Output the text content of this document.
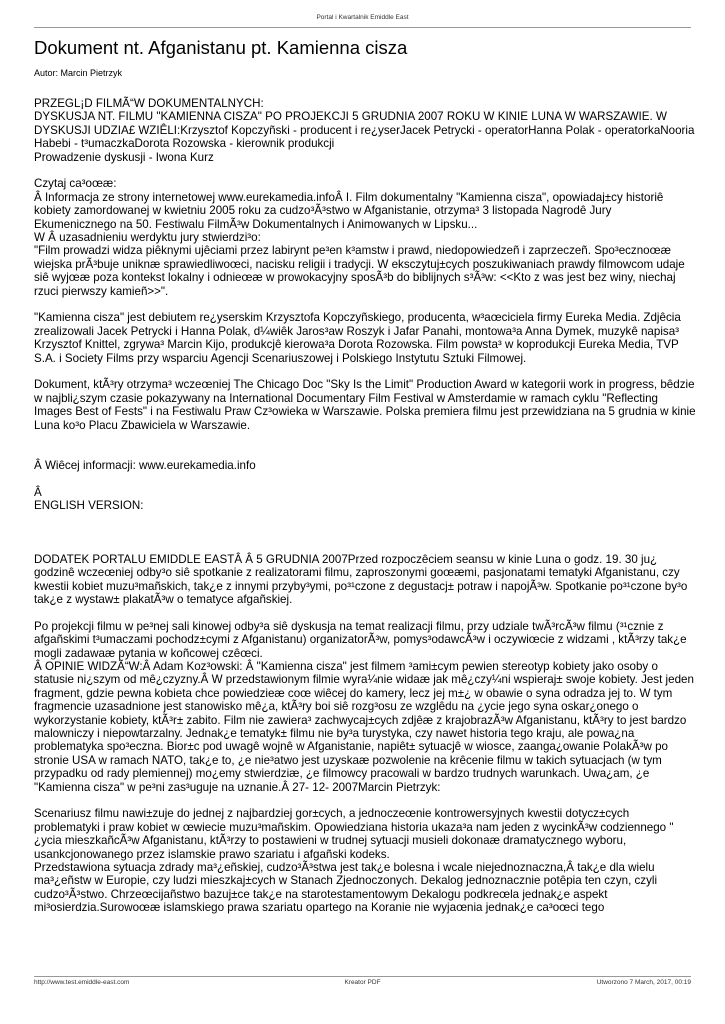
Portal i Kwartalnik Emiddle East
Dokument nt. Afganistanu pt. Kamienna cisza
Autor: Marcin Pietrzyk

PRZEGL¡D FILMÃ“W DOKUMENTALNYCH:
DYSKUSJA NT. FILMU "KAMIENNA CISZA" PO PROJEKCJI 5 GRUDNIA 2007 ROKU W KINIE LUNA W WARSZAWIE. W DYSKUSJI UDZIA£ WZIÊLI:Krzysztof Kopczyñski - producent i re¿yserJacek Petrycki - operatorHanna Polak - operatorkaNooria Habebi - t³umaczkaDorota Rozowska - kierownik produkcji
Prowadzenie dyskusji - Iwona Kurz

Czytaj ca³oœæ:
Â Informacja ze strony internetowej www.eurekamedia.infoÂ I. Film dokumentalny "Kamienna cisza", opowiadaj±cy historiê kobiety zamordowanej w kwietniu 2005 roku za cudzo³Ã³stwo w Afganistanie, otrzyma³ 3 listopada Nagrodê Jury Ekumenicznego na 50. Festiwalu FilmÃ³w Dokumentalnych i Animowanych w Lipsku...
W Â uzasadnieniu werdyktu jury stwierdzi³o:
"Film prowadzi widza piêknymi ujêciami przez labirynt pe³en k³amstw i prawd, niedopowiedzeñ i zaprzeczeñ. Spo³ecznoœæ wiejska prÃ³buje uniknæ sprawiedliwoœci, nacisku religii i tradycji. W eksczytuj±cych poszukiwaniach prawdy filmowcom udaje siê wyjœæ poza kontekst lokalny i odnieœæ w prowokacyjny sposÃ³b do biblijnych s³Ã³w: <<Kto z was jest bez winy, niechaj rzuci pierwszy kamieñ>>".

"Kamienna cisza" jest debiutem re¿yserskim Krzysztofa Kopczyñskiego, producenta, w³aœciciela firmy Eureka Media. Zdjêcia zrealizowali Jacek Petrycki i Hanna Polak, d¼wiêk Jaros³aw Roszyk i Jafar Panahi, montowa³a Anna Dymek, muzykê napisa³ Krzysztof Knittel, zgrywa³ Marcin Kijo, produkcjê kierowa³a Dorota Rozowska. Film powsta³ w koprodukcji Eureka Media, TVP S.A. i Society Films przy wsparciu Agencji Scenariuszowej i Polskiego Instytutu Sztuki Filmowej.

Dokument, ktÃ³ry otrzyma³ wczeœniej The Chicago Doc "Sky Is the Limit" Production Award w kategorii work in progress, bêdzie w najbli¿szym czasie pokazywany na International Documentary Film Festival w Amsterdamie w ramach cyklu "Reflecting Images Best of Fests" i na Festiwalu Praw Cz³owieka w Warszawie. Polska premiera filmu jest przewidziana na 5 grudnia w kinie Luna ko³o Placu Zbawiciela w Warszawie.

Â Wiêcej informacji: www.eurekamedia.info

Â

ENGLISH VERSION:

DODATEK PORTALU EMIDDLE EASTÂ Â 5 GRUDNIA 2007Przed rozpoczêciem seansu w kinie Luna o godz. 19. 30 ju¿ godzinê wczeœniej odby³o siê spotkanie z realizatorami filmu, zaproszonymi goœæmi, pasjonatami tematyki Afganistanu, czy kwestii kobiet muzu³mañskich, tak¿e z innymi przyby³ymi, po³¹czone z degustacj± potraw i napojÃ³w. Spotkanie po³¹czone by³o tak¿e z wystaw± plakatÃ³w o tematyce afgañskiej.

Po projekcji filmu w pe³nej sali kinowej odby³a siê dyskusja na temat realizacji filmu, przy udziale twÃ³rcÃ³w filmu (³¹cznie z afgañskimi t³umaczami pochodz±cymi z Afganistanu) organizatorÃ³w, pomys³odawcÃ³w i oczywiœcie z widzami , ktÃ³rzy tak¿e mogli zadawaæ pytania w koñcowej czêœci.
Â OPINIE WIDZÃ“W:Â Adam Koz³owski: Â "Kamienna cisza" jest filmem ³ami±cym pewien stereotyp kobiety jako osoby o statusie ni¿szym od mê¿czyzny.Â W przedstawionym filmie wyra¼nie widaæ jak mê¿czy¼ni wspieraj± swoje kobiety. Jest jeden fragment, gdzie pewna kobieta chce powiedzieæ coœ wiêcej do kamery, lecz jej m±¿ w obawie o syna odradza jej to. W tym fragmencie uzasadnione jest stanowisko mê¿a, ktÃ³ry boi siê rozg³osu ze wzglêdu na ¿ycie jego syna oskar¿onego o wykorzystanie kobiety, ktÃ³r± zabito. Film nie zawiera³ zachwycaj±cych zdjêæ z krajobrazÃ³w Afganistanu, ktÃ³ry to jest bardzo malowniczy i niepowtarzalny. Jednak¿e tematyk± filmu nie by³a turystyka, czy nawet historia tego kraju, ale powa¿na problematyka spo³eczna. Bior±c pod uwagê wojnê w Afganistanie, napiêt± sytuacjê w wiosce, zaanga¿owanie PolakÃ³w po stronie USA w ramach NATO, tak¿e to, ¿e nie³atwo jest uzyskaæ pozwolenie na krêcenie filmu w takich sytuacjach (w tym przypadku od rady plemiennej) mo¿emy stwierdziæ, ¿e filmowcy pracowali w bardzo trudnych warunkach. Uwa¿am, ¿e "Kamienna cisza" w pe³ni zas³uguje na uznanie.Â 27- 12- 2007Marcin Pietrzyk:

Scenariusz filmu nawi±zuje do jednej z najbardziej gor±cych, a jednoczeœnie kontrowersyjnych kwestii dotycz±cych problematyki i praw kobiet w œwiecie muzu³mañskim. Opowiedziana historia ukaza³a nam jeden z wycinkÃ³w codziennego " ¿ycia mieszkañcÃ³w Afganistanu, ktÃ³rzy to postawieni w trudnej sytuacji musieli dokonaæ dramatycznego wyboru, usankcjonowanego przez islamskie prawo szariatu i afgañski kodeks.
Przedstawiona sytuacja zdrady ma³¿eñskiej, cudzo³Ã³stwa jest tak¿e bolesna i wcale niejednoznaczna,Â tak¿e dla wielu ma³¿eñstw w Europie, czy ludzi mieszkaj±cych w Stanach Zjednoczonych. Dekalog jednoznacznie potêpia ten czyn, czyli cudzo³Ã³stwo. Chrzeœcijañstwo bazuj±ce tak¿e na starotestamentowym Dekalogu podkreœla jednak¿e aspekt mi³osierdzia.Surowoœæ islamskiego prawa szariatu opartego na Koranie nie wyjaœnia jednak¿e ca³oœci tego

http://www.test.emiddle-east.com	Kreator PDF	Utworzono 7 March, 2017, 00:19
